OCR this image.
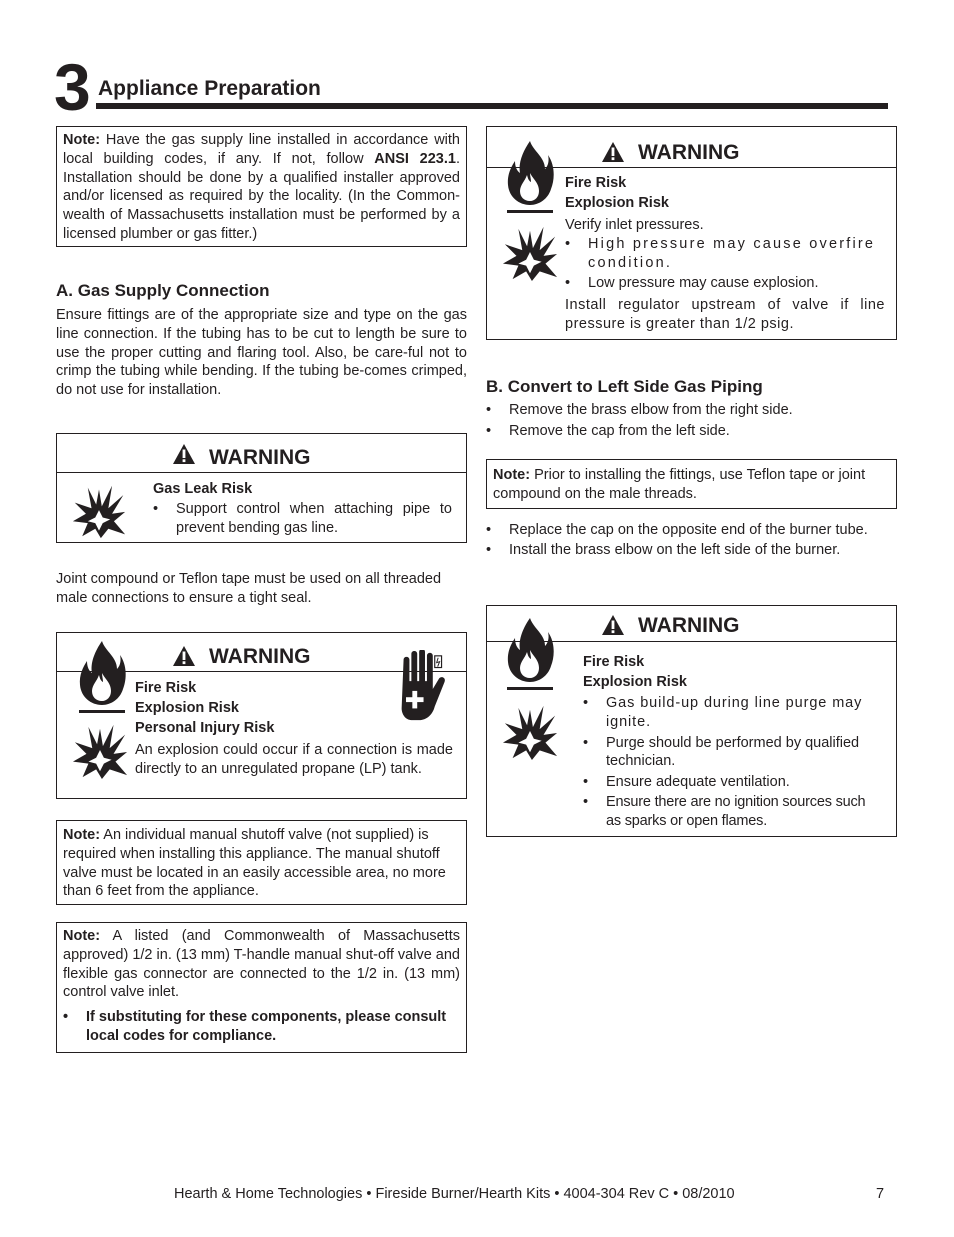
3 Appliance Preparation

Note: Have the gas supply line installed in accordance with local building codes, if any. If not, follow ANSI 223.1. Installation should be done by a qualified installer approved and/or licensed as required by the locality. (In the Common-wealth of Massachusetts installation must be performed by a licensed plumber or gas fitter.)

A. Gas Supply Connection

Ensure fittings are of the appropriate size and type on the gas line connection. If the tubing has to be cut to length be sure to use the proper cutting and flaring tool. Also, be care-ful not to crimp the tubing while bending. If the tubing be-comes crimped, do not use for installation.

WARNING
Gas Leak Risk
• Support control when attaching pipe to prevent bending gas line.

Joint compound or Teflon tape must be used on all threaded male connections to ensure a tight seal.

WARNING
Fire Risk
Explosion Risk
Personal Injury Risk

An explosion could occur if a connection is made directly to an unregulated propane (LP) tank.

Note: An individual manual shutoff valve (not supplied) is required when installing this appliance. The manual shutoff valve must be located in an easily accessible area, no more than 6 feet from the appliance.

Note: A listed (and Commonwealth of Massachusetts approved) 1/2 in. (13 mm) T-handle manual shut-off valve and flexible gas connector are connected to the 1/2 in. (13 mm) control valve inlet.

• If substituting for these components, please consult local codes for compliance.
WARNING
Fire Risk
Explosion Risk
Verify inlet pressures.
• High pressure may cause overfire condition.
• Low pressure may cause explosion.

Install regulator upstream of valve if line pressure is greater than 1/2 psig.

B. Convert to Left Side Gas Piping
• Remove the brass elbow from the right side.
• Remove the cap from the left side.

Note: Prior to installing the fittings, use Teflon tape or joint compound on the male threads.

• Replace the cap on the opposite end of the burner tube.
• Install the brass elbow on the left side of the burner.
WARNING
Fire Risk
Explosion Risk
• Gas build-up during line purge may ignite.
• Purge should be performed by qualified technician.
• Ensure adequate ventilation.
• Ensure there are no ignition sources such as sparks or open flames.
Hearth & Home Technologies • Fireside Burner/Hearth Kits • 4004-304 Rev C • 08/2010	7
